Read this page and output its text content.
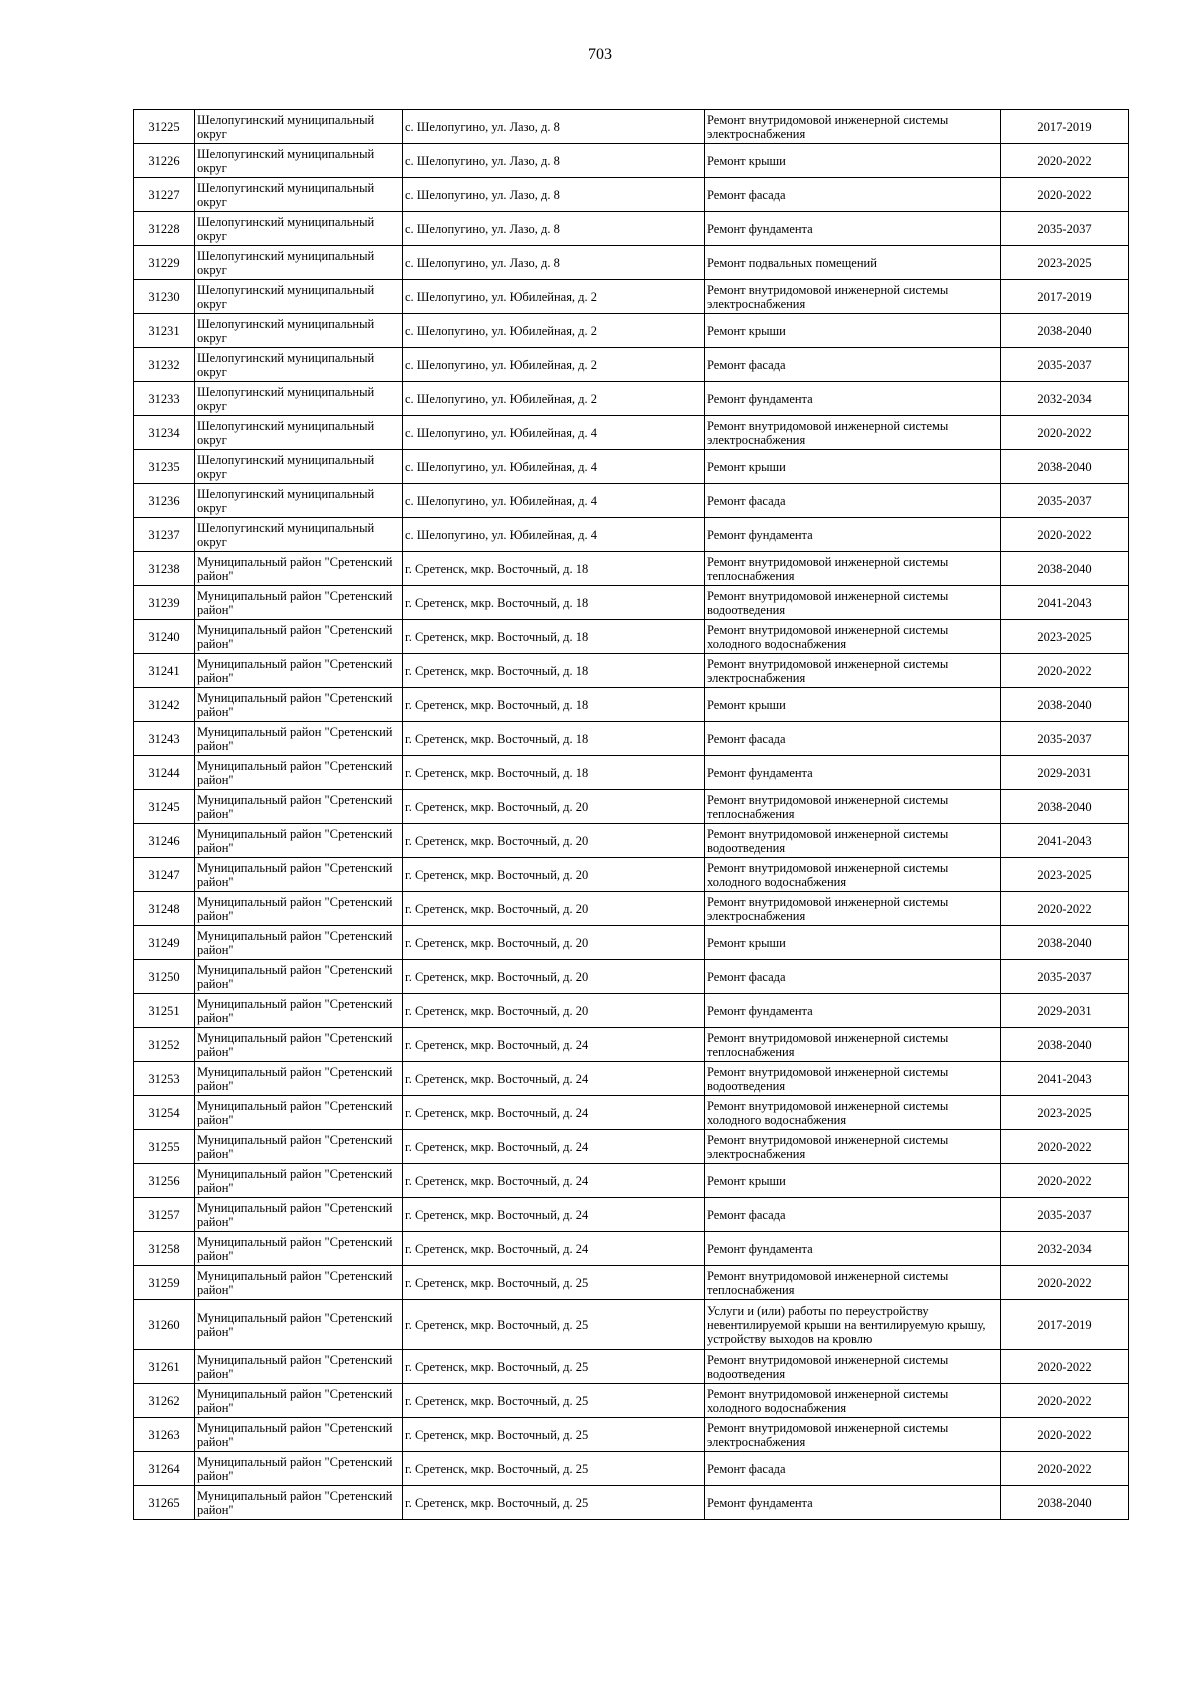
703
31225	Шелопугинский муниципальный округ	с. Шелопугино, ул. Лазо, д. 8	Ремонт внутридомовой инженерной системы электроснабжения	2017-2019
31226	Шелопугинский муниципальный округ	с. Шелопугино, ул. Лазо, д. 8	Ремонт крыши	2020-2022
31227	Шелопугинский муниципальный округ	с. Шелопугино, ул. Лазо, д. 8	Ремонт фасада	2020-2022
31228	Шелопугинский муниципальный округ	с. Шелопугино, ул. Лазо, д. 8	Ремонт фундамента	2035-2037
31229	Шелопугинский муниципальный округ	с. Шелопугино, ул. Лазо, д. 8	Ремонт подвальных помещений	2023-2025
31230	Шелопугинский муниципальный округ	с. Шелопугино, ул. Юбилейная, д. 2	Ремонт внутридомовой инженерной системы электроснабжения	2017-2019
31231	Шелопугинский муниципальный округ	с. Шелопугино, ул. Юбилейная, д. 2	Ремонт крыши	2038-2040
31232	Шелопугинский муниципальный округ	с. Шелопугино, ул. Юбилейная, д. 2	Ремонт фасада	2035-2037
31233	Шелопугинский муниципальный округ	с. Шелопугино, ул. Юбилейная, д. 2	Ремонт фундамента	2032-2034
31234	Шелопугинский муниципальный округ	с. Шелопугино, ул. Юбилейная, д. 4	Ремонт внутридомовой инженерной системы электроснабжения	2020-2022
31235	Шелопугинский муниципальный округ	с. Шелопугино, ул. Юбилейная, д. 4	Ремонт крыши	2038-2040
31236	Шелопугинский муниципальный округ	с. Шелопугино, ул. Юбилейная, д. 4	Ремонт фасада	2035-2037
31237	Шелопугинский муниципальный округ	с. Шелопугино, ул. Юбилейная, д. 4	Ремонт фундамента	2020-2022
31238	Муниципальный район "Сретенский район"	г. Сретенск, мкр. Восточный, д. 18	Ремонт внутридомовой инженерной системы теплоснабжения	2038-2040
31239	Муниципальный район "Сретенский район"	г. Сретенск, мкр. Восточный, д. 18	Ремонт внутридомовой инженерной системы водоотведения	2041-2043
31240	Муниципальный район "Сретенский район"	г. Сретенск, мкр. Восточный, д. 18	Ремонт внутридомовой инженерной системы холодного водоснабжения	2023-2025
31241	Муниципальный район "Сретенский район"	г. Сретенск, мкр. Восточный, д. 18	Ремонт внутридомовой инженерной системы электроснабжения	2020-2022
31242	Муниципальный район "Сретенский район"	г. Сретенск, мкр. Восточный, д. 18	Ремонт крыши	2038-2040
31243	Муниципальный район "Сретенский район"	г. Сретенск, мкр. Восточный, д. 18	Ремонт фасада	2035-2037
31244	Муниципальный район "Сретенский район"	г. Сретенск, мкр. Восточный, д. 18	Ремонт фундамента	2029-2031
31245	Муниципальный район "Сретенский район"	г. Сретенск, мкр. Восточный, д. 20	Ремонт внутридомовой инженерной системы теплоснабжения	2038-2040
31246	Муниципальный район "Сретенский район"	г. Сретенск, мкр. Восточный, д. 20	Ремонт внутридомовой инженерной системы водоотведения	2041-2043
31247	Муниципальный район "Сретенский район"	г. Сретенск, мкр. Восточный, д. 20	Ремонт внутридомовой инженерной системы холодного водоснабжения	2023-2025
31248	Муниципальный район "Сретенский район"	г. Сретенск, мкр. Восточный, д. 20	Ремонт внутридомовой инженерной системы электроснабжения	2020-2022
31249	Муниципальный район "Сретенский район"	г. Сретенск, мкр. Восточный, д. 20	Ремонт крыши	2038-2040
31250	Муниципальный район "Сретенский район"	г. Сретенск, мкр. Восточный, д. 20	Ремонт фасада	2035-2037
31251	Муниципальный район "Сретенский район"	г. Сретенск, мкр. Восточный, д. 20	Ремонт фундамента	2029-2031
31252	Муниципальный район "Сретенский район"	г. Сретенск, мкр. Восточный, д. 24	Ремонт внутридомовой инженерной системы теплоснабжения	2038-2040
31253	Муниципальный район "Сретенский район"	г. Сретенск, мкр. Восточный, д. 24	Ремонт внутридомовой инженерной системы водоотведения	2041-2043
31254	Муниципальный район "Сретенский район"	г. Сретенск, мкр. Восточный, д. 24	Ремонт внутридомовой инженерной системы холодного водоснабжения	2023-2025
31255	Муниципальный район "Сретенский район"	г. Сретенск, мкр. Восточный, д. 24	Ремонт внутридомовой инженерной системы электроснабжения	2020-2022
31256	Муниципальный район "Сретенский район"	г. Сретенск, мкр. Восточный, д. 24	Ремонт крыши	2020-2022
31257	Муниципальный район "Сретенский район"	г. Сретенск, мкр. Восточный, д. 24	Ремонт фасада	2035-2037
31258	Муниципальный район "Сретенский район"	г. Сретенск, мкр. Восточный, д. 24	Ремонт фундамента	2032-2034
31259	Муниципальный район "Сретенский район"	г. Сретенск, мкр. Восточный, д. 25	Ремонт внутридомовой инженерной системы теплоснабжения	2020-2022
31260	Муниципальный район "Сретенский район"	г. Сретенск, мкр. Восточный, д. 25	Услуги и (или) работы по переустройству невентилируемой крыши на вентилируемую крышу, устройству выходов на кровлю	2017-2019
31261	Муниципальный район "Сретенский район"	г. Сретенск, мкр. Восточный, д. 25	Ремонт внутридомовой инженерной системы водоотведения	2020-2022
31262	Муниципальный район "Сретенский район"	г. Сретенск, мкр. Восточный, д. 25	Ремонт внутридомовой инженерной системы холодного водоснабжения	2020-2022
31263	Муниципальный район "Сретенский район"	г. Сретенск, мкр. Восточный, д. 25	Ремонт внутридомовой инженерной системы электроснабжения	2020-2022
31264	Муниципальный район "Сретенский район"	г. Сретенск, мкр. Восточный, д. 25	Ремонт фасада	2020-2022
31265	Муниципальный район "Сретенский район"	г. Сретенск, мкр. Восточный, д. 25	Ремонт фундамента	2038-2040
